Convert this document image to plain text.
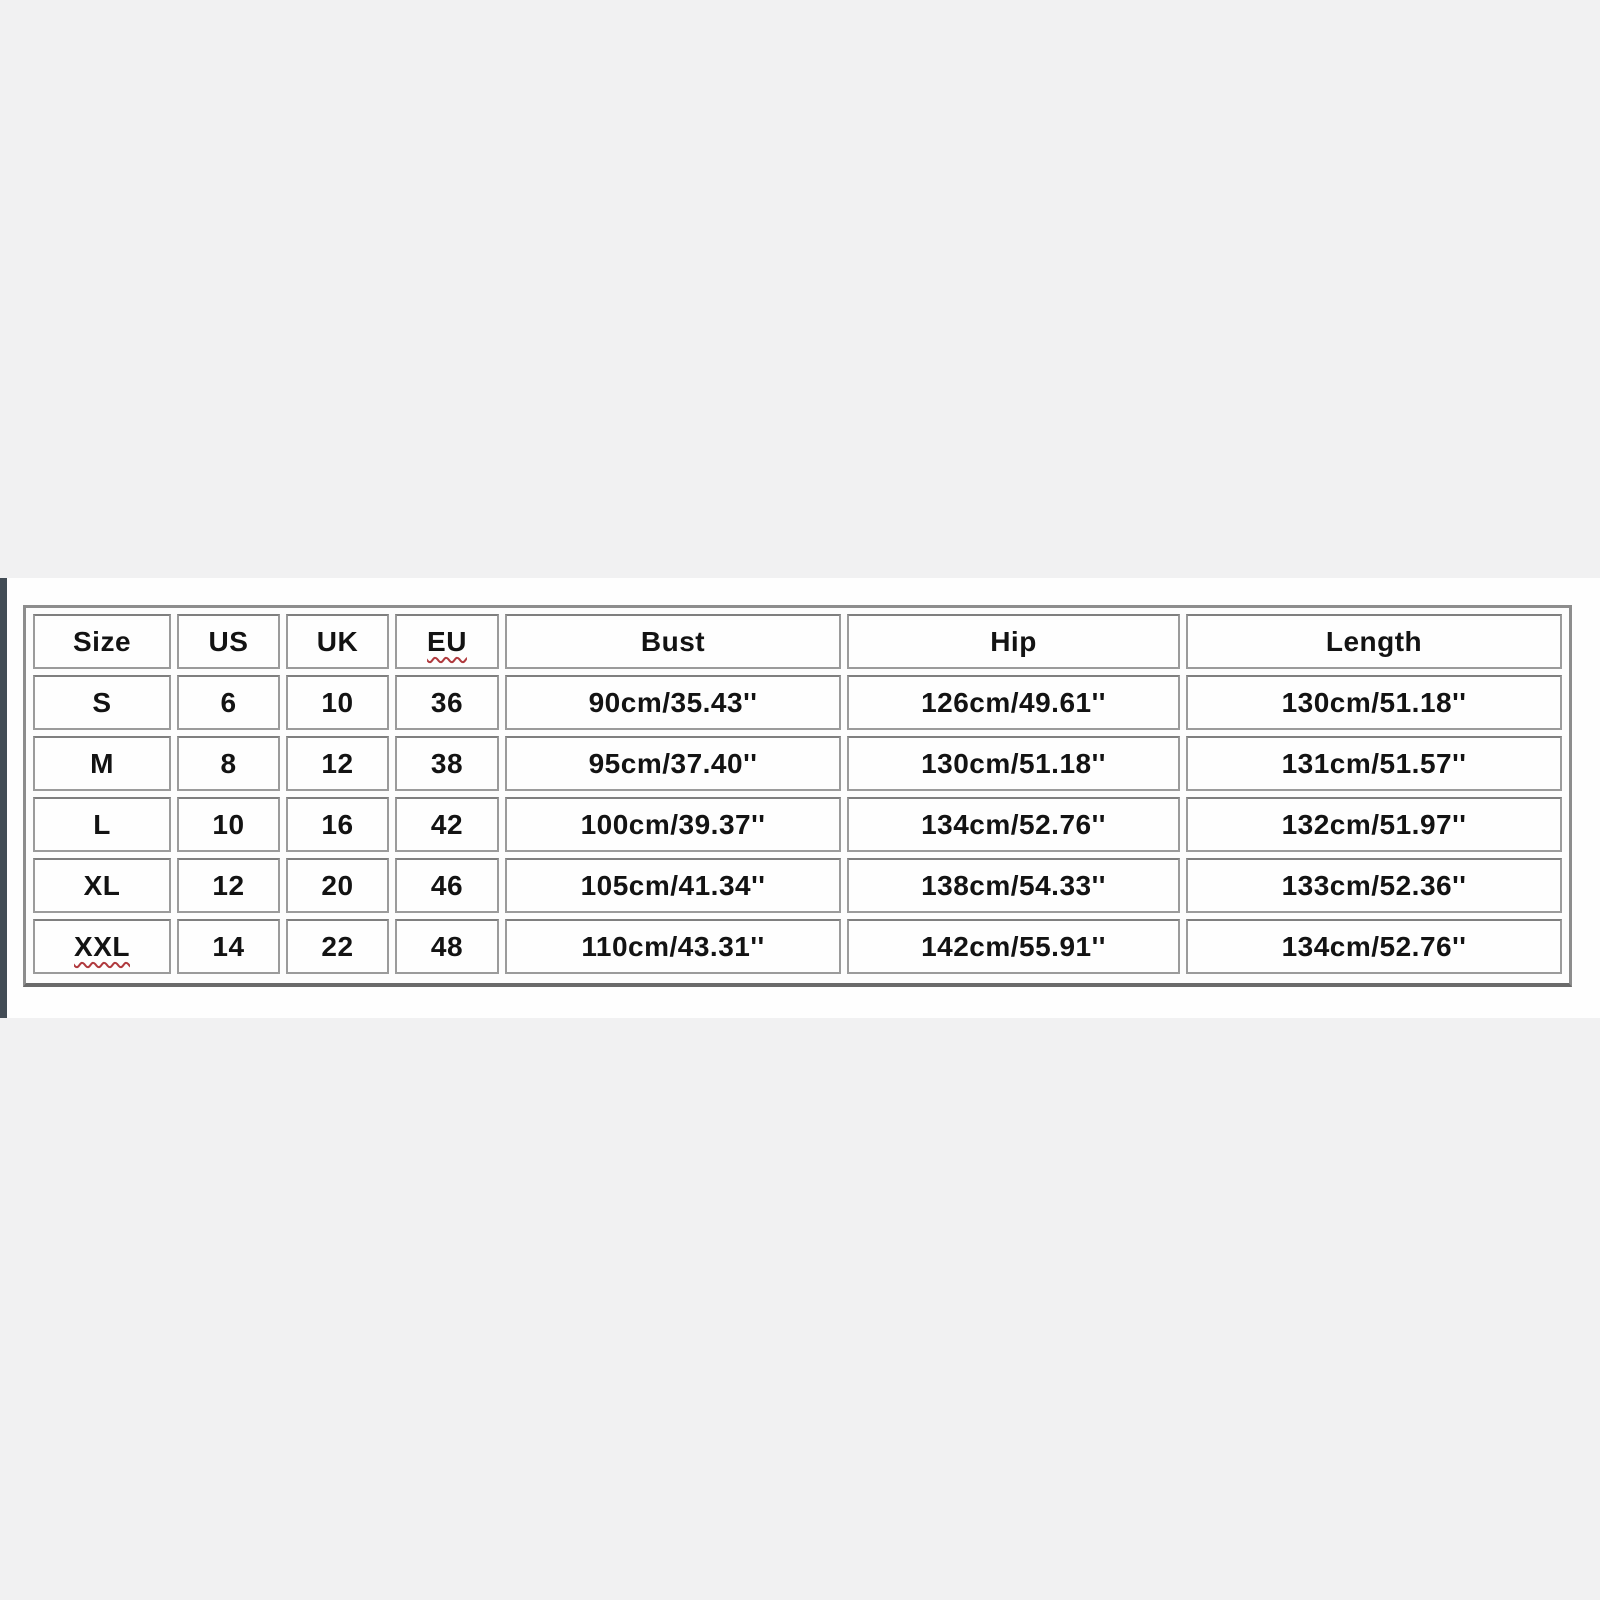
Size	US	UK	EU	Bust	Hip	Length
S	6	10	36	90cm/35.43''	126cm/49.61''	130cm/51.18''
M	8	12	38	95cm/37.40''	130cm/51.18''	131cm/51.57''
L	10	16	42	100cm/39.37''	134cm/52.76''	132cm/51.97''
XL	12	20	46	105cm/41.34''	138cm/54.33''	133cm/52.36''
XXL	14	22	48	110cm/43.31''	142cm/55.91''	134cm/52.76''
